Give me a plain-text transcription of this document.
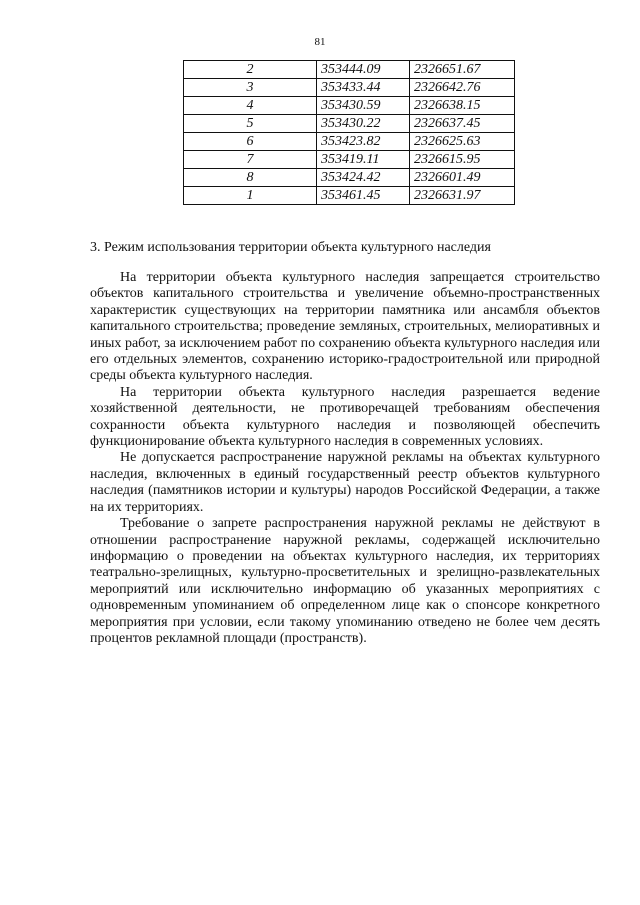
81
2	353444.09	2326651.67
3	353433.44	2326642.76
4	353430.59	2326638.15
5	353430.22	2326637.45
6	353423.82	2326625.63
7	353419.11	2326615.95
8	353424.42	2326601.49
1	353461.45	2326631.97
3. Режим использования территории объекта культурного наследия

На территории объекта культурного наследия запрещается строительство объектов капитального строительства и увеличение объемно-пространственных характеристик существующих на территории памятника или ансамбля объектов капитального строительства; проведение земляных, строительных, мелиоративных и иных работ, за исключением работ по сохранению объекта культурного наследия или его отдельных элементов, сохранению историко-градостроительной или природной среды объекта культурного наследия.

На территории объекта культурного наследия разрешается ведение хозяйственной деятельности, не противоречащей требованиям обеспечения сохранности объекта культурного наследия и позволяющей обеспечить функционирование объекта культурного наследия в современных условиях.

Не допускается распространение наружной рекламы на объектах культурного наследия, включенных в единый государственный реестр объектов культурного наследия (памятников истории и культуры) народов Российской Федерации, а также на их территориях.

Требование о запрете распространения наружной рекламы не действуют в отношении распространение наружной рекламы, содержащей исключительно информацию о проведении на объектах культурного наследия, их территориях театрально-зрелищных, культурно-просветительных и зрелищно-развлекательных мероприятий или исключительно информацию об указанных мероприятиях с одновременным упоминанием об определенном лице как о спонсоре конкретного мероприятия при условии, если такому упоминанию отведено не более чем десять процентов рекламной площади (пространств).
